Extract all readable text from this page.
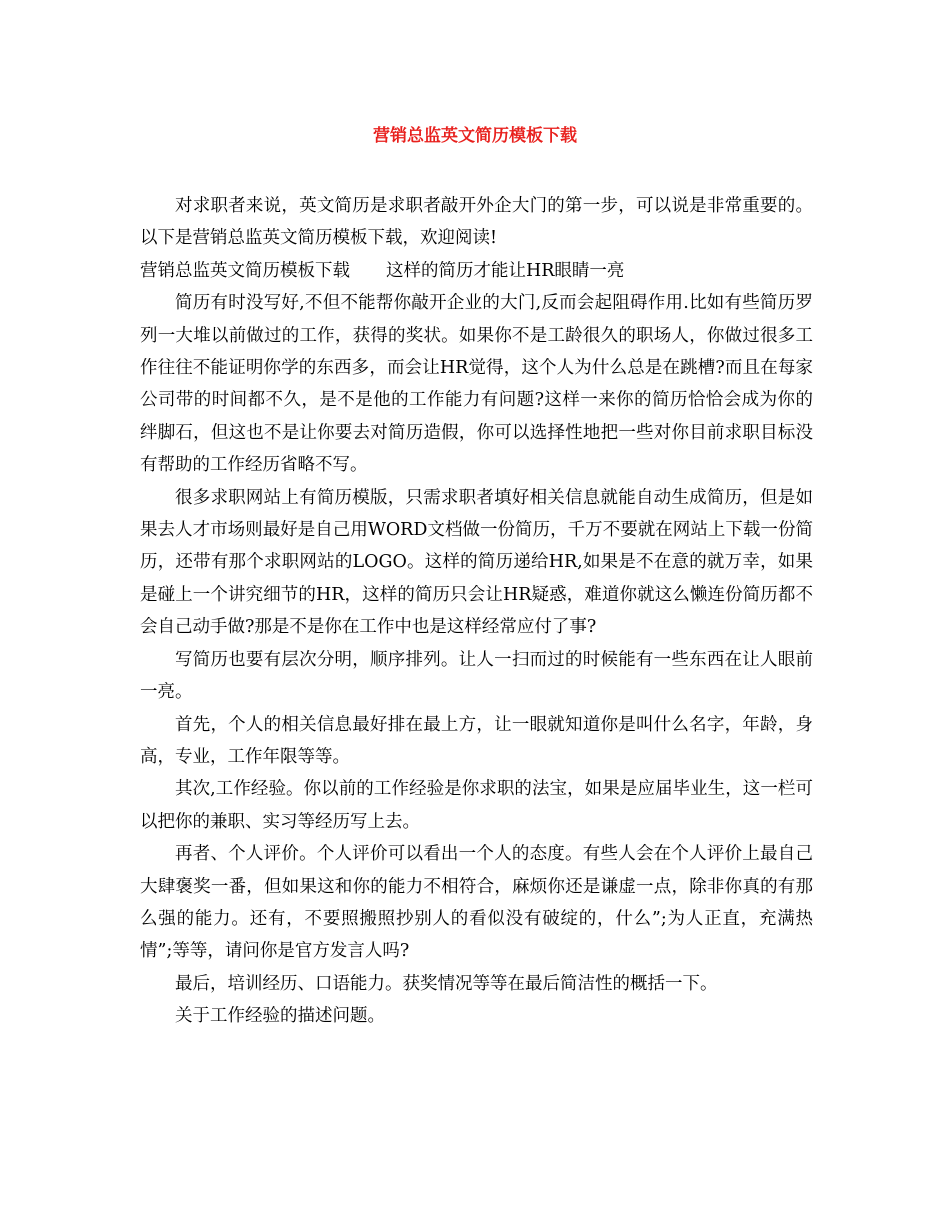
营销总监英文简历模板下载

对求职者来说，英文简历是求职者敲开外企大门的第一步，可以说是非常重要的。以下是营销总监英文简历模板下载，欢迎阅读!

营销总监英文简历模板下载 这样的简历才能让HR眼睛一亮

简历有时没写好,不但不能帮你敲开企业的大门,反而会起阻碍作用.比如有些简历罗列一大堆以前做过的工作，获得的奖状。如果你不是工龄很久的职场人，你做过很多工作往往不能证明你学的东西多，而会让HR觉得，这个人为什么总是在跳槽?而且在每家公司带的时间都不久，是不是他的工作能力有问题?这样一来你的简历恰恰会成为你的绊脚石，但这也不是让你要去对简历造假，你可以选择性地把一些对你目前求职目标没有帮助的工作经历省略不写。

很多求职网站上有简历模版，只需求职者填好相关信息就能自动生成简历，但是如果去人才市场则最好是自己用WORD文档做一份简历，千万不要就在网站上下载一份简历，还带有那个求职网站的LOGO。这样的简历递给HR,如果是不在意的就万幸，如果是碰上一个讲究细节的HR，这样的简历只会让HR疑惑，难道你就这么懒连份简历都不会自己动手做?那是不是你在工作中也是这样经常应付了事?

写简历也要有层次分明，顺序排列。让人一扫而过的时候能有一些东西在让人眼前一亮。

首先，个人的相关信息最好排在最上方，让一眼就知道你是叫什么名字，年龄，身高，专业，工作年限等等。

其次,工作经验。你以前的工作经验是你求职的法宝，如果是应届毕业生，这一栏可以把你的兼职、实习等经历写上去。

再者、个人评价。个人评价可以看出一个人的态度。有些人会在个人评价上最自己大肆褒奖一番，但如果这和你的能力不相符合，麻烦你还是谦虚一点，除非你真的有那么强的能力。还有，不要照搬照抄别人的看似没有破绽的，什么”;为人正直，充满热情”;等等，请问你是官方发言人吗?

最后，培训经历、口语能力。获奖情况等等在最后简洁性的概括一下。

关于工作经验的描述问题。
